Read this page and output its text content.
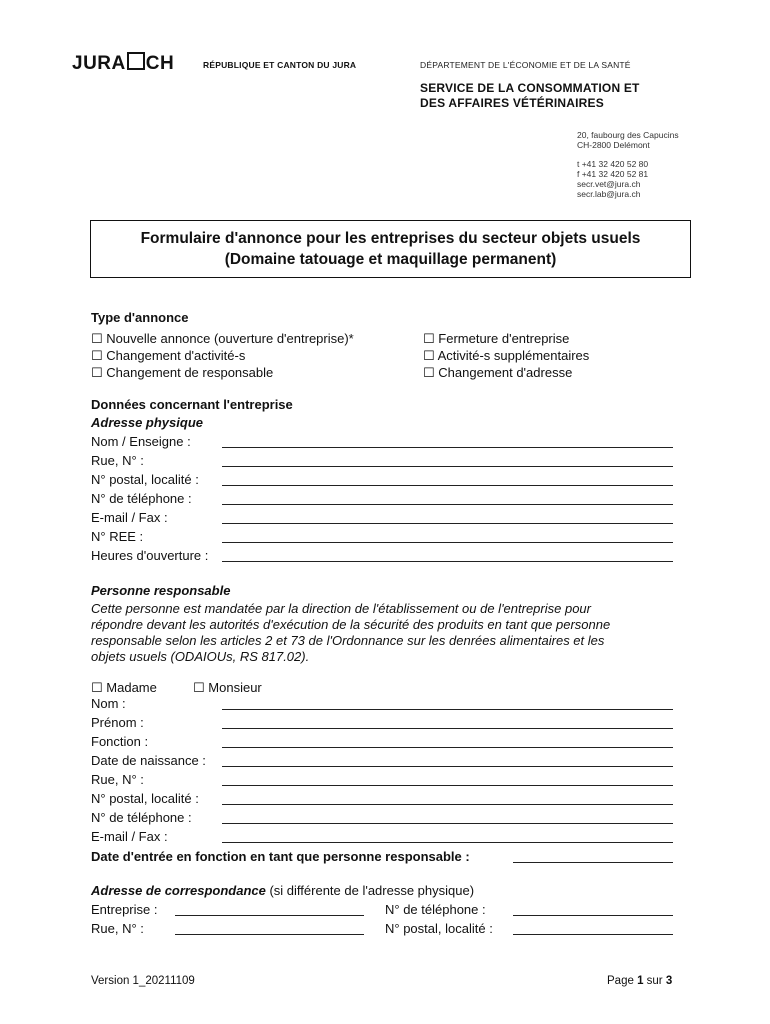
JURA CH	RÉPUBLIQUE ET CANTON DU JURA	DÉPARTEMENT DE L'ÉCONOMIE ET DE LA SANTÉ
SERVICE DE LA CONSOMMATION ET
DES AFFAIRES VÉTÉRINAIRES
20, faubourg des Capucins
CH-2800 Delémont
t +41 32 420 52 80
f +41 32 420 52 81
secr.vet@jura.ch
secr.lab@jura.ch
Formulaire d'annonce pour les entreprises du secteur objets usuels
(Domaine tatouage et maquillage permanent)
Type d'annonce
☐ Nouvelle annonce (ouverture d'entreprise)*
☐ Changement d'activité-s
☐ Changement de responsable
☐ Fermeture d'entreprise
☐ Activité-s supplémentaires
☐ Changement d'adresse
Données concernant l'entreprise
Adresse physique
Nom / Enseigne :
Rue, N° :
N° postal, localité :
N° de téléphone :
E-mail / Fax :
N° REE :
Heures d'ouverture :
Personne responsable
Cette personne est mandatée par la direction de l'établissement ou de l'entreprise pour
répondre devant les autorités d'exécution de la sécurité des produits en tant que personne
responsable selon les articles 2 et 73 de l'Ordonnance sur les denrées alimentaires et les
objets usuels (ODAIOUs, RS 817.02).
☐ Madame	☐ Monsieur
Nom :
Prénom :
Fonction :
Date de naissance :
Rue, N° :
N° postal, localité :
N° de téléphone :
E-mail / Fax :
Date d'entrée en fonction en tant que personne responsable :
Adresse de correspondance (si différente de l'adresse physique)
Entreprise :	N° de téléphone :
Rue, N° :	N° postal, localité :
Version 1_20211109	Page 1 sur 3
